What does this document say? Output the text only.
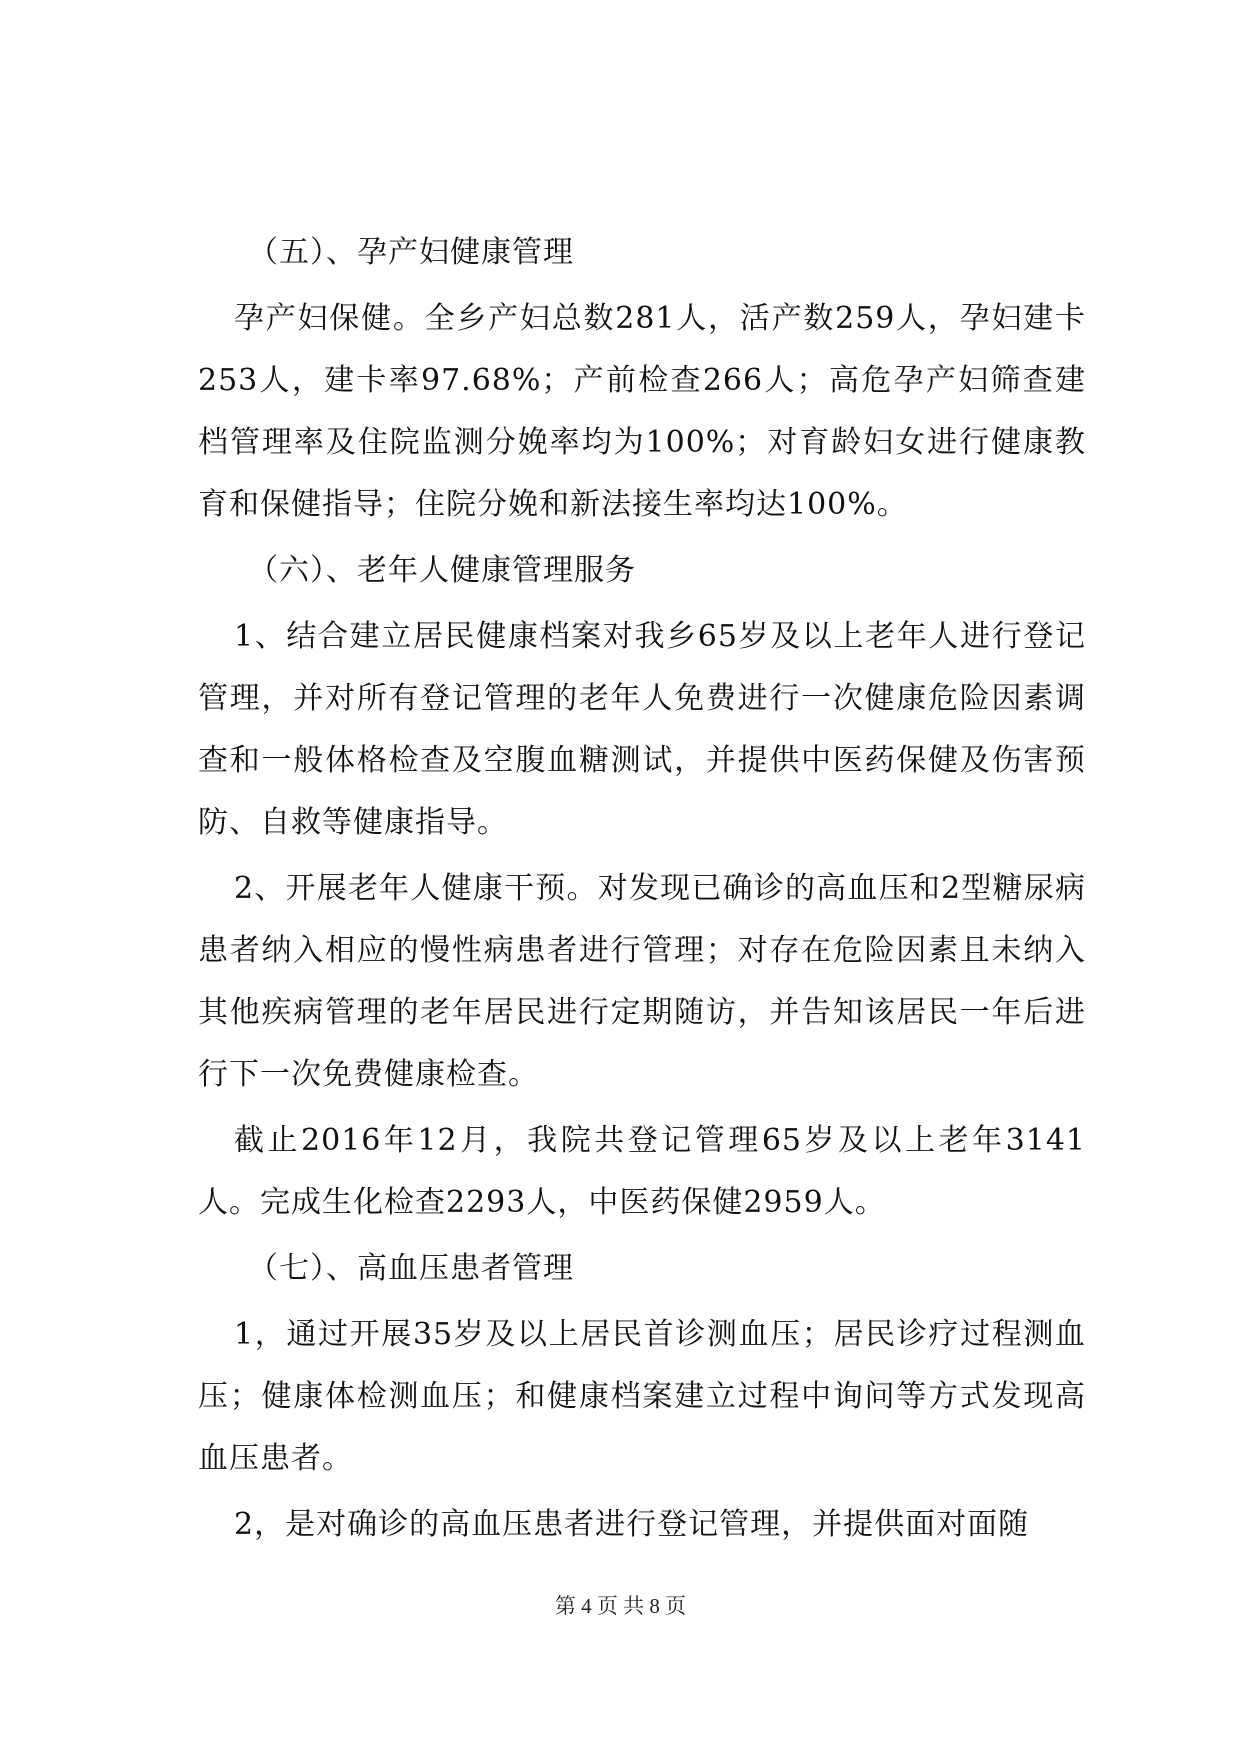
（五）、孕产妇健康管理

孕产妇保健。全乡产妇总数281人，活产数259人，孕妇建卡253人，建卡率97.68%；产前检查266人；高危孕产妇筛查建档管理率及住院监测分娩率均为100%；对育龄妇女进行健康教育和保健指导；住院分娩和新法接生率均达100%。

（六）、老年人健康管理服务

1、结合建立居民健康档案对我乡65岁及以上老年人进行登记管理，并对所有登记管理的老年人免费进行一次健康危险因素调查和一般体格检查及空腹血糖测试，并提供中医药保健及伤害预防、自救等健康指导。

2、开展老年人健康干预。对发现已确诊的高血压和2型糖尿病患者纳入相应的慢性病患者进行管理；对存在危险因素且未纳入其他疾病管理的老年居民进行定期随访，并告知该居民一年后进行下一次免费健康检查。

截止2016年12月，我院共登记管理65岁及以上老年3141人。完成生化检查2293人，中医药保健2959人。

（七）、高血压患者管理

1，通过开展35岁及以上居民首诊测血压；居民诊疗过程测血压；健康体检测血压；和健康档案建立过程中询问等方式发现高血压患者。

2，是对确诊的高血压患者进行登记管理，并提供面对面随

第 4 页 共 8 页
